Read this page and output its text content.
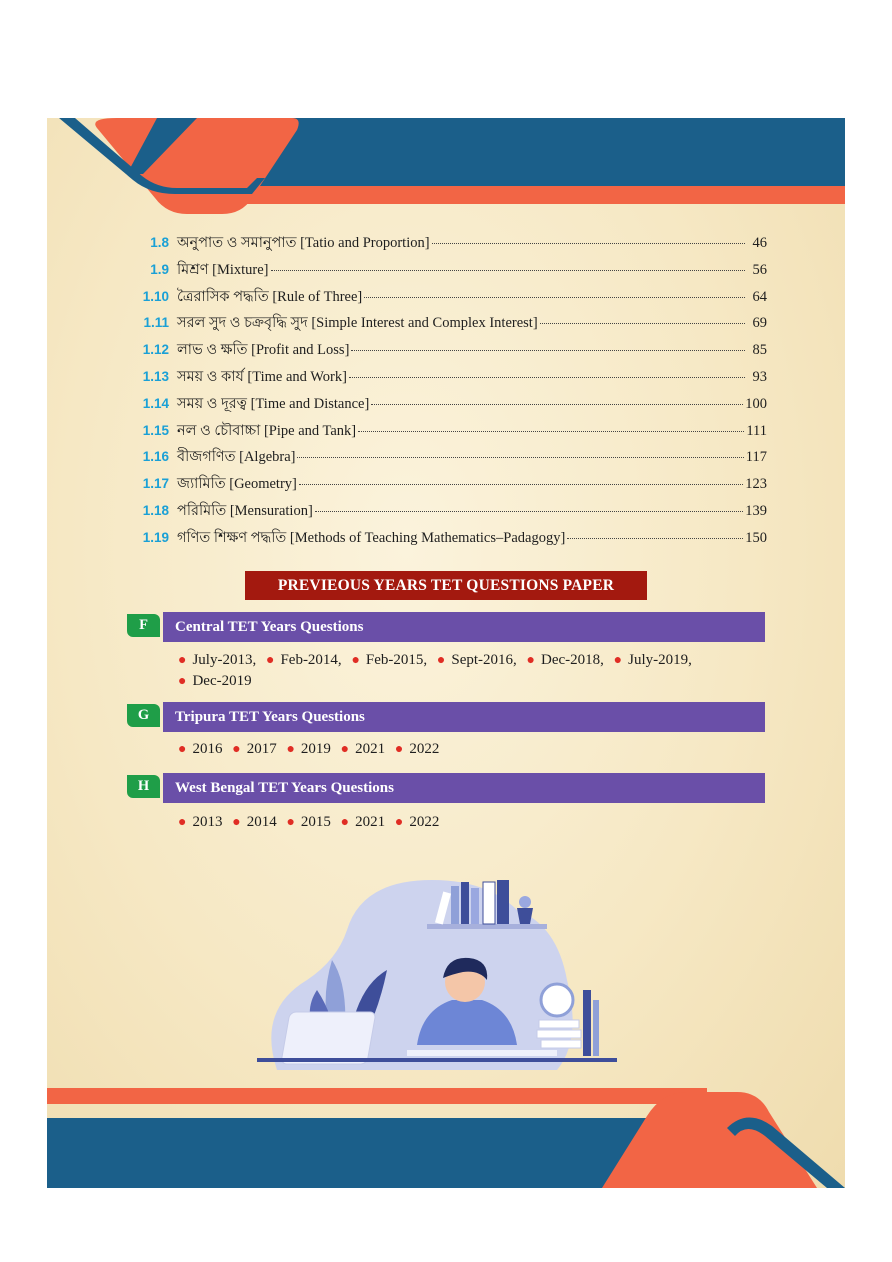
1.8 অনুপাত ও সমানুপাত [Tatio and Proportion]	46
1.9 মিশ্রণ [Mixture]	56
1.10 ত্রৈরাসিক পদ্ধতি [Rule of Three]	64
1.11 সরল সুদ ও চক্রবৃদ্ধি সুদ [Simple Interest and Complex Interest]	69
1.12 লাভ ও ক্ষতি [Profit and Loss]	85
1.13 সময় ও কার্য [Time and Work]	93
1.14 সময় ও দূরত্ব [Time and Distance]	100
1.15 নল ও চৌবাচ্চা [Pipe and Tank]	111
1.16 বীজগণিত [Algebra]	117
1.17 জ্যামিতি [Geometry]	123
1.18 পরিমিতি [Mensuration]	139
1.19 গণিত শিক্ষণ পদ্ধতি [Methods of Teaching Mathematics–Padagogy]	150
PREVIEOUS YEARS TET QUESTIONS PAPER
F	Central TET Years Questions

● July-2013, ● Feb-2014, ● Feb-2015, ● Sept-2016, ● Dec-2018, ● July-2019, ● Dec-2019

G	Tripura TET Years Questions

● 2016 ● 2017 ● 2019 ● 2021 ● 2022

H	West Bengal TET Years Questions

● 2013 ● 2014 ● 2015 ● 2021 ● 2022
